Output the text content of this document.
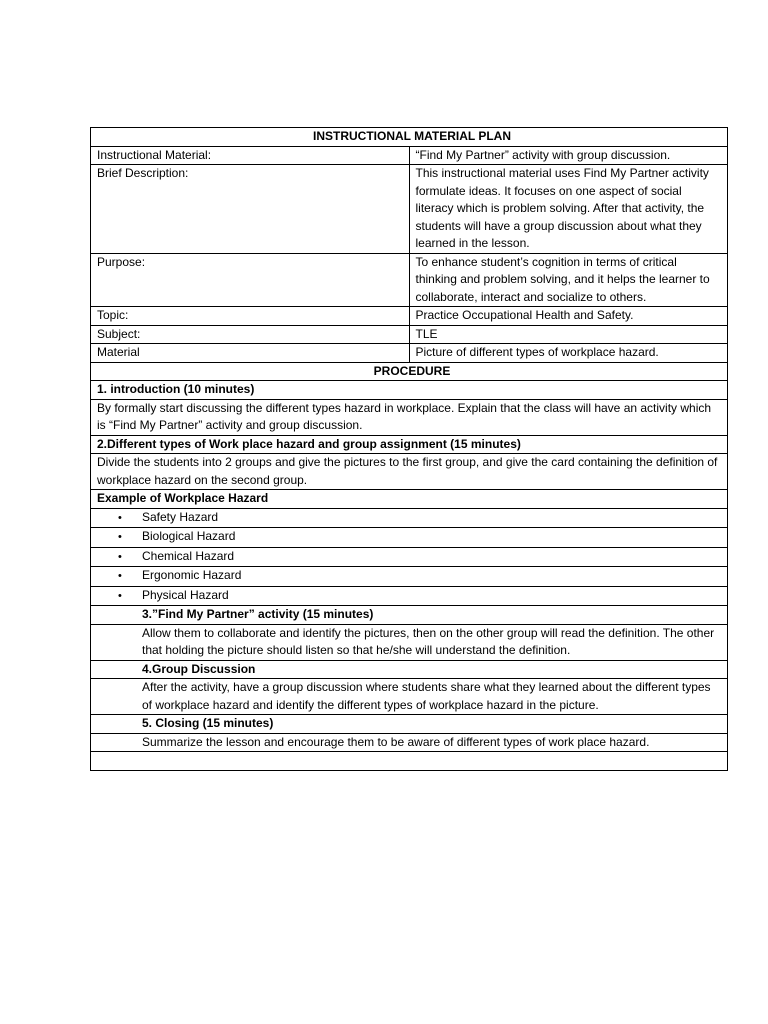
INSTRUCTIONAL MATERIAL PLAN	
Instructional Material:	“Find My Partner” activity with group discussion.
Brief Description:	This instructional material uses Find My Partner activity formulate ideas. It focuses on one aspect of social literacy which is problem solving. After that activity, the students will have a group discussion about what they learned in the lesson.
Purpose:	To enhance student’s cognition in terms of critical thinking and problem solving, and it helps the learner to collaborate, interact and socialize to others.
Topic:	Practice Occupational Health and Safety.
Subject:	TLE
Material	Picture of different types of workplace hazard.
PROCEDURE	
1. introduction (10 minutes)	
By formally start discussing the different types hazard in workplace. Explain that the class will have an activity which is “Find My Partner” activity and group discussion.	
2.Different types of Work place hazard and group assignment (15 minutes)	
Divide the students into 2 groups and give the pictures to the first group, and give the card containing the definition of workplace hazard on the second group.	
Example of Workplace Hazard	
• Safety Hazard	
• Biological Hazard	
• Chemical Hazard	
• Ergonomic Hazard	
• Physical Hazard	
3.”Find My Partner” activity (15 minutes)	
Allow them to collaborate and identify the pictures, then on the other group will read the definition. The other that holding the picture should listen so that he/she will understand the definition.	
4.Group Discussion	
After the activity, have a group discussion where students share what they learned about the different types of workplace hazard and identify the different types of workplace hazard in the picture.	
5. Closing (15 minutes)	
Summarize the lesson and encourage them to be aware of different types of work place hazard.	
